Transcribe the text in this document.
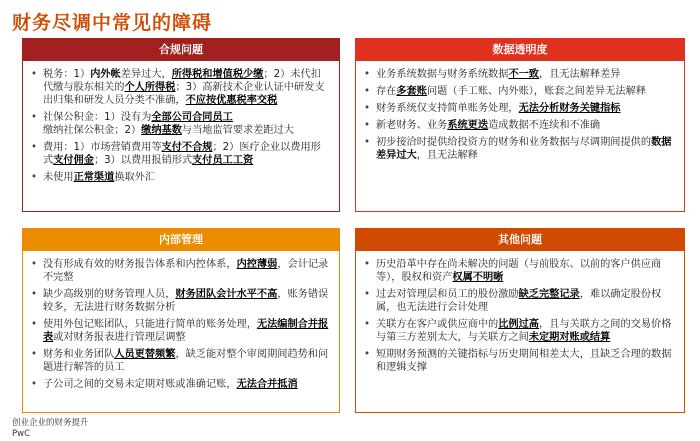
财务尽调中常见的障碍
合规问题
• 税务：1）内外帐差异过大，所得税和增值税少缴；2）未代扣代缴与股东相关的个人所得税；3）高新技术企业认证中研发支出归集和研发人员分类不准确，不应按优惠税率交税
• 社保公积金：1）没有为全部公司合同员工缴纳社保公积金；2）缴纳基数与当地监管要求差距过大
• 费用：1）市场营销费用等支付不合规；2）医疗企业以费用形式支付佣金；3）以费用报销形式支付员工工资
• 未使用正常渠道换取外汇
数据透明度
• 业务系统数据与财务系统数据不一致，且无法解释差异
• 存在多套账问题（手工账、内外账），账套之间差异无法解释
• 财务系统仅支持简单账务处理，无法分析财务关键指标
• 新老财务、业务系统更迭造成数据不连续和不准确
• 初步接洽时提供给投资方的财务和业务数据与尽调期间提供的数据差异过大，且无法解释
内部管理
• 没有形成有效的财务报告体系和内控体系，内控薄弱，会计记录不完整
• 缺少高级别的财务管理人员，财务团队会计水平不高，账务错误较多，无法进行财务数据分析
• 使用外包记账团队，只能进行简单的账务处理，无法编制合并报表或对财务报表进行管理层调整
• 财务和业务团队人员更替频繁，缺乏能对整个审阅期间趋势和问题进行解答的员工
• 子公司之间的交易未定期对账或准确记账，无法合并抵消
其他问题
• 历史沿革中存在尚未解决的问题（与前股东、以前的客户供应商等），股权和资产权属不明晰
• 过去对管理层和员工的股份激励缺乏完整记录，难以确定股份权属，也无法进行会计处理
• 关联方在客户或供应商中的比例过高，且与关联方之间的交易价格与第三方差别太大，与关联方之间未定期对账或结算
• 短期财务预测的关键指标与历史期间相差太大，且缺乏合理的数据和逻辑支撑
创业企业的财务提升
PwC
